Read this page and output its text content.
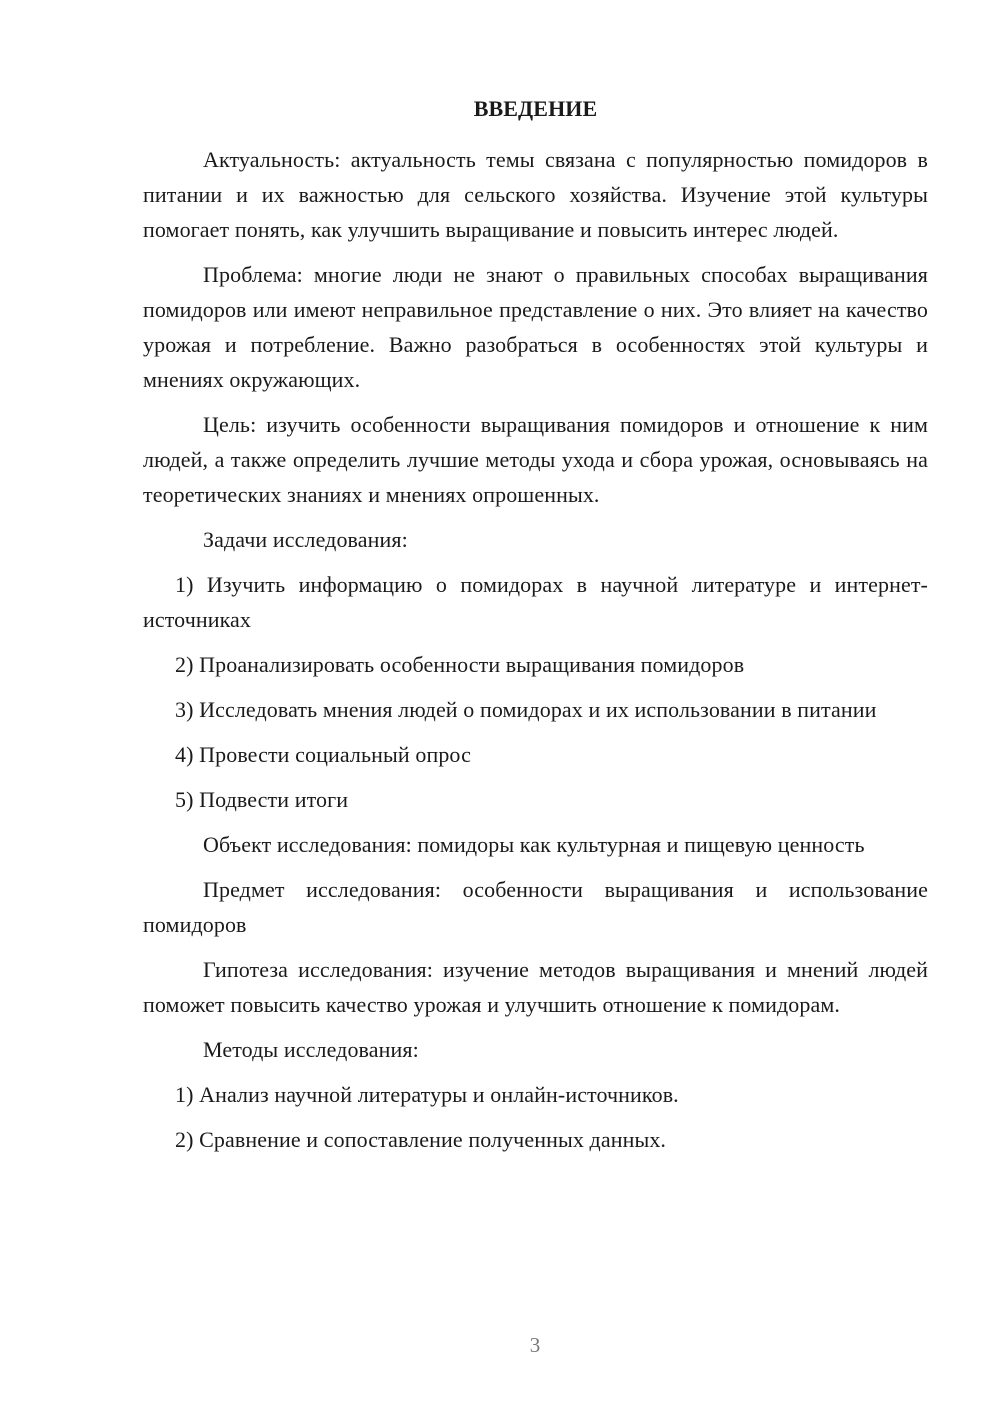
ВВЕДЕНИЕ

Актуальность: актуальность темы связана с популярностью помидоров в питании и их важностью для сельского хозяйства. Изучение этой культуры помогает понять, как улучшить выращивание и повысить интерес людей.

Проблема: многие люди не знают о правильных способах выращивания помидоров или имеют неправильное представление о них. Это влияет на качество урожая и потребление. Важно разобраться в особенностях этой культуры и мнениях окружающих.

Цель: изучить особенности выращивания помидоров и отношение к ним людей, а также определить лучшие методы ухода и сбора урожая, основываясь на теоретических знаниях и мнениях опрошенных.

Задачи исследования:

1) Изучить информацию о помидорах в научной литературе и интернет-источниках

2) Проанализировать особенности выращивания помидоров

3) Исследовать мнения людей о помидорах и их использовании в питании

4) Провести социальный опрос

5) Подвести итоги

Объект исследования: помидоры как культурная и пищевую ценность

Предмет исследования: особенности выращивания и использование помидоров

Гипотеза исследования: изучение методов выращивания и мнений людей поможет повысить качество урожая и улучшить отношение к помидорам.

Методы исследования:

1) Анализ научной литературы и онлайн-источников.

2) Сравнение и сопоставление полученных данных.

3
